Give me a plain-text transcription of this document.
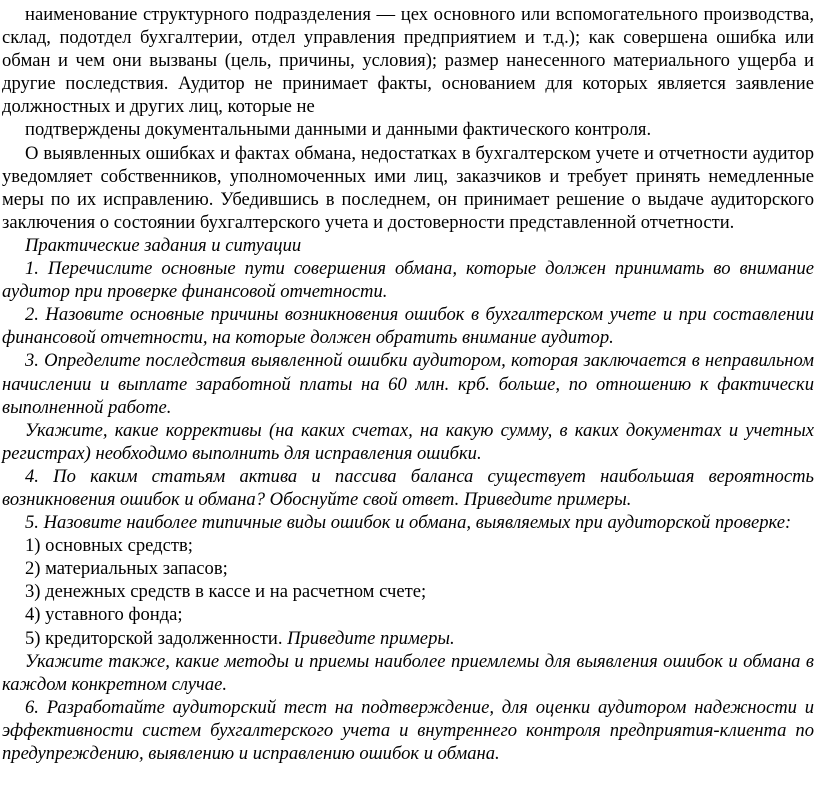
наименование структурного подразделения — цех основного или вспомогательного производства, склад, подотдел бухгалтерии, отдел управления предприятием и т.д.); как совершена ошибка или обман и чем они вызваны (цель, причины, условия); размер нанесенного материального ущерба и другие последствия. Аудитор не принимает факты, основанием для которых является заявление должностных и других лиц, которые не

подтверждены документальными данными и данными фактического контроля.

О выявленных ошибках и фактах обмана, недостатках в бухгалтерском учете и отчетности аудитор уведомляет собственников, уполномоченных ими лиц, заказчиков и требует принять немедленные меры по их исправлению. Убедившись в последнем, он принимает решение о выдаче аудиторского заключения о состоянии бухгалтерского учета и достоверности представленной отчетности.

Практические задания и ситуации

1. Перечислите основные пути совершения обмана, которые должен принимать во внимание аудитор при проверке финансовой отчетности.

2. Назовите основные причины возникновения ошибок в бухгалтерском учете и при составлении финансовой отчетности, на которые должен обратить внимание аудитор.

3. Определите последствия выявленной ошибки аудитором, которая заключается в неправильном начислении и выплате заработной платы на 60 млн. крб. больше, по отношению к фактически выполненной работе.

Укажите, какие коррективы (на каких счетах, на какую сумму, в каких документах и учетных регистрах) необходимо выполнить для исправления ошибки.

4. По каким статьям актива и пассива баланса существует наибольшая вероятность возникновения ошибок и обмана? Обоснуйте свой ответ. Приведите примеры.

5. Назовите наиболее типичные виды ошибок и обмана, выявляемых при аудиторской проверке:

1) основных средств;

2) материальных запасов;

3) денежных средств в кассе и на расчетном счете;

4) уставного фонда;

5) кредиторской задолженности. Приведите примеры.

Укажите также, какие методы и приемы наиболее приемлемы для выявления ошибок и обмана в каждом конкретном случае.

6. Разработайте аудиторский тест на подтверждение, для оценки аудитором надежности и эффективности систем бухгалтерского учета и внутреннего контроля предприятия-клиента по предупреждению, выявлению и исправлению ошибок и обмана.
